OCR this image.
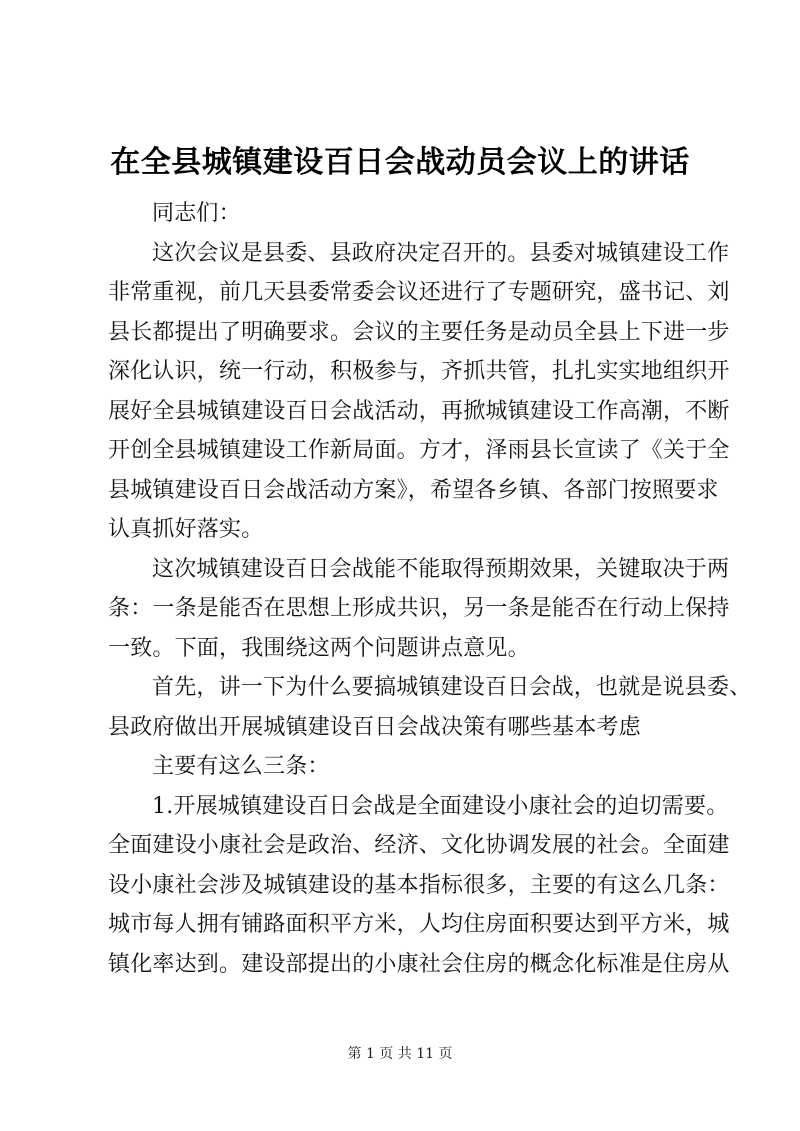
在全县城镇建设百日会战动员会议上的讲话

同志们：

这次会议是县委、县政府决定召开的。县委对城镇建设工作
非常重视，前几天县委常委会议还进行了专题研究，盛书记、刘
县长都提出了明确要求。会议的主要任务是动员全县上下进一步
深化认识，统一行动，积极参与，齐抓共管，扎扎实实地组织开
展好全县城镇建设百日会战活动，再掀城镇建设工作高潮，不断
开创全县城镇建设工作新局面。方才，泽雨县长宣读了《关于全
县城镇建设百日会战活动方案》，希望各乡镇、各部门按照要求
认真抓好落实。

这次城镇建设百日会战能不能取得预期效果，关键取决于两
条：一条是能否在思想上形成共识，另一条是能否在行动上保持
一致。下面，我围绕这两个问题讲点意见。

首先，讲一下为什么要搞城镇建设百日会战，也就是说县委、
县政府做出开展城镇建设百日会战决策有哪些基本考虑

主要有这么三条：

1.开展城镇建设百日会战是全面建设小康社会的迫切需要。
全面建设小康社会是政治、经济、文化协调发展的社会。全面建
设小康社会涉及城镇建设的基本指标很多，主要的有这么几条：
城市每人拥有铺路面积平方米，人均住房面积要达到平方米，城
镇化率达到。建设部提出的小康社会住房的概念化标准是住房从

第 1 页 共 11 页
